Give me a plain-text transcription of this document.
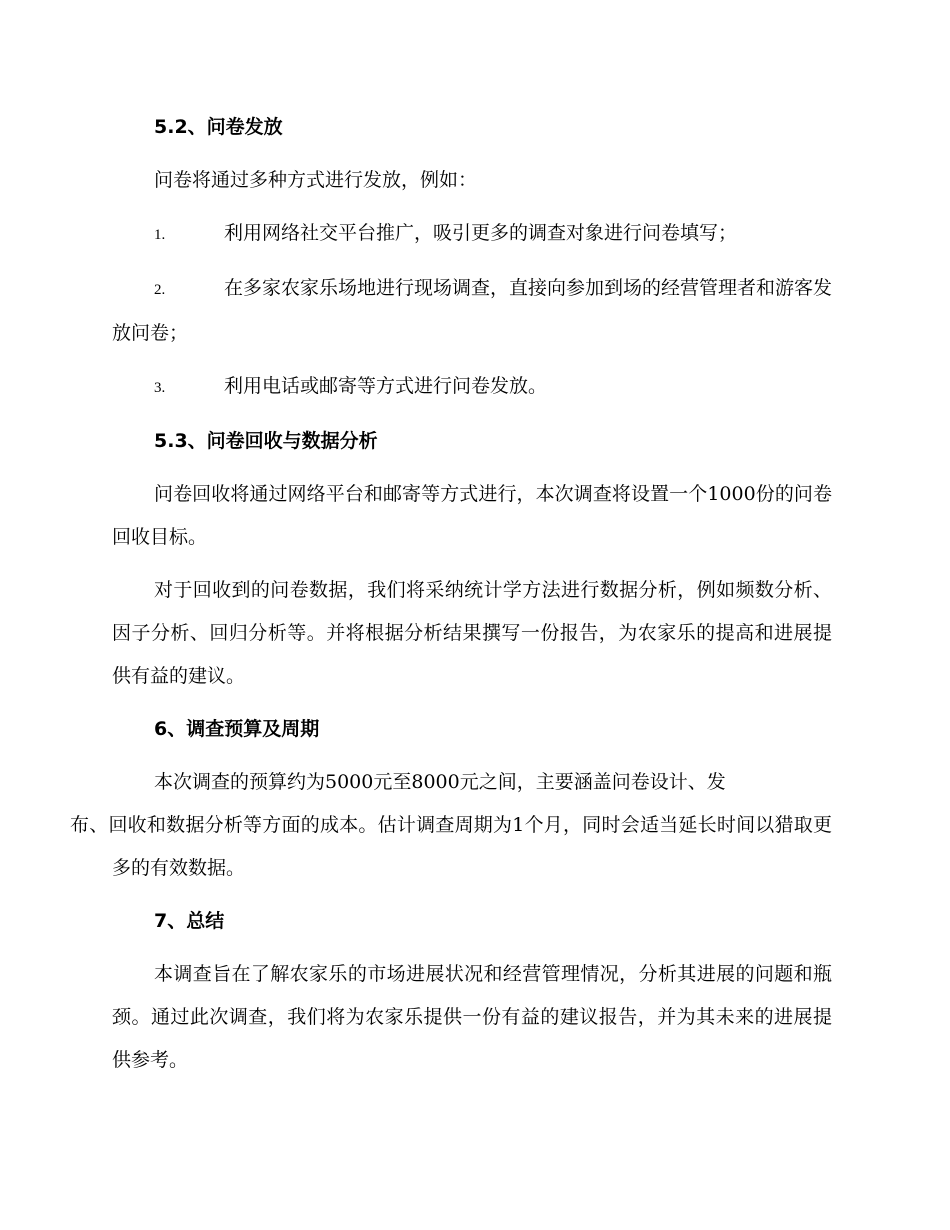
5.2、问卷发放

问卷将通过多种方式进行发放，例如：

1.	利用网络社交平台推广，吸引更多的调查对象进行问卷填写；

2.	在多家农家乐场地进行现场调查，直接向参加到场的经营管理者和游客发放问卷；

3.	利用电话或邮寄等方式进行问卷发放。

5.3、问卷回收与数据分析

问卷回收将通过网络平台和邮寄等方式进行，本次调查将设置一个1000份的问卷回收目标。

对于回收到的问卷数据，我们将采纳统计学方法进行数据分析，例如频数分析、因子分析、回归分析等。并将根据分析结果撰写一份报告，为农家乐的提高和进展提供有益的建议。

6、调查预算及周期

本次调查的预算约为5000元至8000元之间，主要涵盖问卷设计、发
布、回收和数据分析等方面的成本。估计调查周期为1个月，同时会适当延长时间以猎取更多的有效数据。

7、总结

本调查旨在了解农家乐的市场进展状况和经营管理情况，分析其进展的问题和瓶颈。通过此次调查，我们将为农家乐提供一份有益的建议报告，并为其未来的进展提供参考。
